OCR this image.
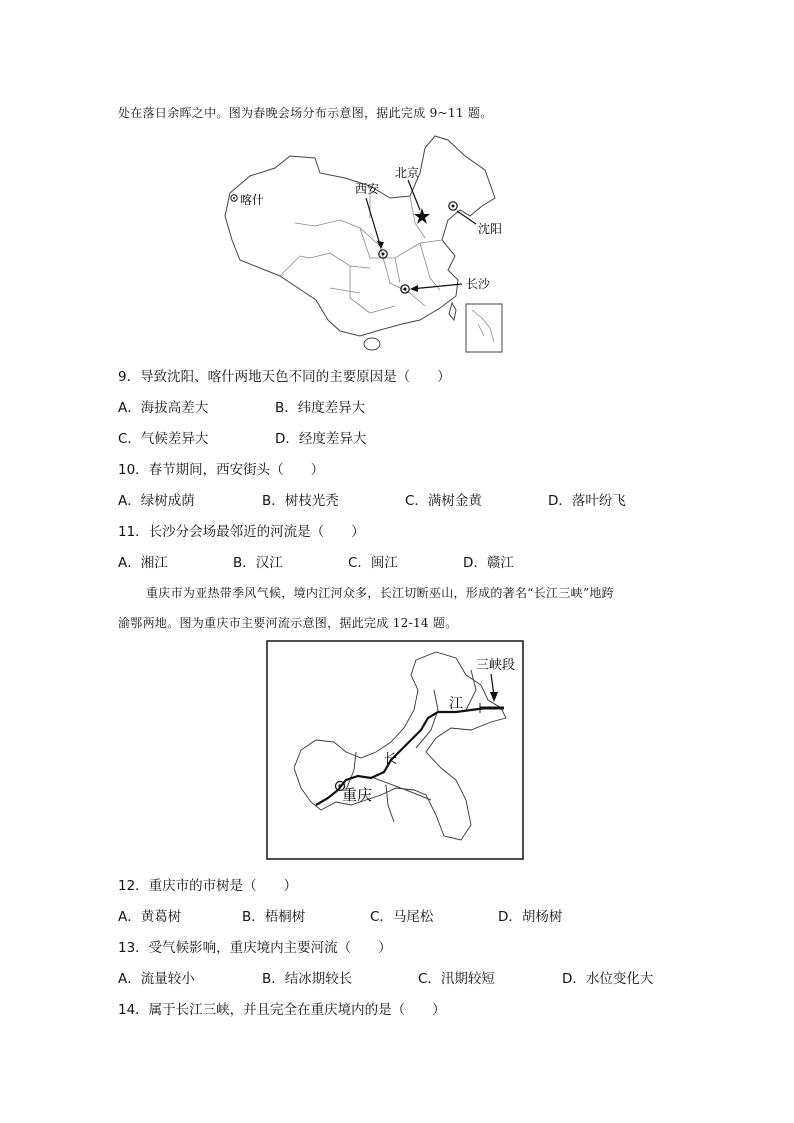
处在落日余晖之中。图为春晚会场分布示意图，据此完成 9~11 题。
喀什
北京
西安
沈阳
长沙
9．导致沈阳、喀什两地天色不同的主要原因是（　　）
A．海拔高差大	B．纬度差异大
C．气候差异大	D．经度差异大
10．春节期间，西安街头（　　）
A．绿树成荫	B．树枝光秃	C．满树金黄	D．落叶纷飞
11．长沙分会场最邻近的河流是（　　）
A．湘江	B．汉江	C．闽江	D．赣江
重庆市为亚热带季风气候，境内江河众多，长江切断巫山，形成的著名“长江三峡”地跨
渝鄂两地。图为重庆市主要河流示意图，据此完成 12-14 题。
三峡段
江
长
重庆
12．重庆市的市树是（　　）
A．黄葛树	B．梧桐树	C．马尾松	D．胡杨树
13．受气候影响，重庆境内主要河流（　　）
A．流量较小	B．结冰期较长	C．汛期较短	D．水位变化大
14．属于长江三峡，并且完全在重庆境内的是（　　）
